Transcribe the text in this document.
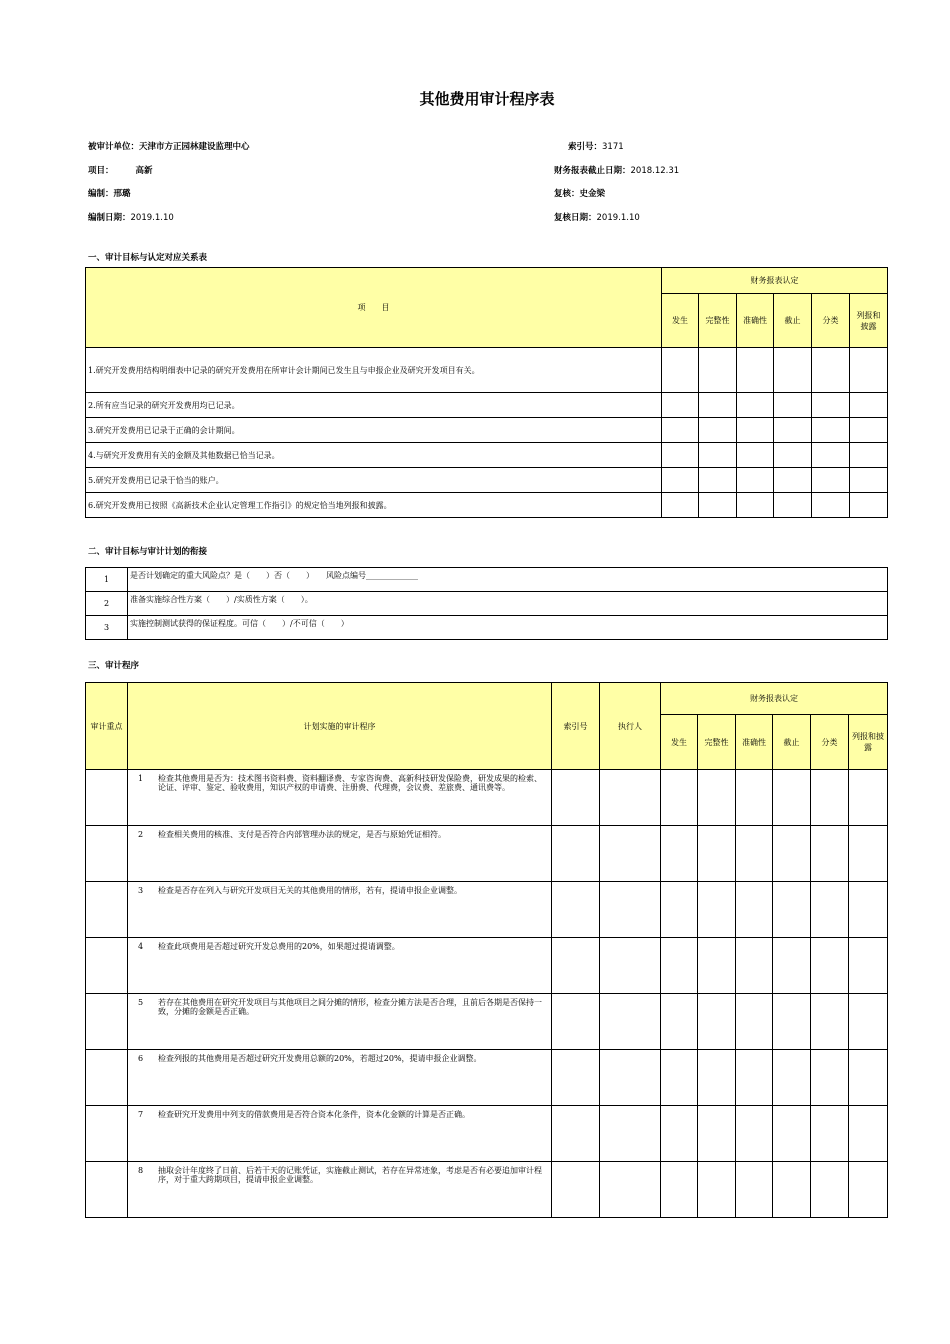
其他费用审计程序表
被审计单位：天津市方正园林建设监理中心	索引号：3171
项目：	高新	财务报表截止日期：2018.12.31
编制：邢璐	复核：史金梁
编制日期：2019.1.10	复核日期：2019.1.10
一、审计目标与认定对应关系表
项　　目	财务报表认定					
	发生	完整性	准确性	截止	分类	列报和披露
1.研究开发费用结构明细表中记录的研究开发费用在所审计会计期间已发生且与申报企业及研究开发项目有关。						
2.所有应当记录的研究开发费用均已记录。						
3.研究开发费用已记录于正确的会计期间。						
4.与研究开发费用有关的金额及其他数据已恰当记录。						
5.研究开发费用已记录于恰当的账户。						
6.研究开发费用已按照《高新技术企业认定管理工作指引》的规定恰当地列报和披露。						
二、审计目标与审计计划的衔接
1	是否计划确定的重大风险点？是（　　）否（　　）　　风险点编号_____________
2	准备实施综合性方案（　　）/实质性方案（　　）。
3	实施控制测试获得的保证程度。可信（　　）/不可信（　　）
三、审计程序
审计重点	计划实施的审计程序	索引号	执行人	财务报表认定					
				发生	完整性	准确性	截止	分类	列报和披露
	1 检查其他费用是否为：技术图书资料费、资料翻译费、专家咨询费、高新科技研发保险费，研发成果的检索、论证、评审、鉴定、验收费用，知识产权的申请费、注册费、代理费，会议费、差旅费、通讯费等。								
	2 检查相关费用的核准、支付是否符合内部管理办法的规定，是否与原始凭证相符。								
	3 检查是否存在列入与研究开发项目无关的其他费用的情形，若有，提请申报企业调整。								
	4 检查此项费用是否超过研究开发总费用的20%，如果超过提请调整。								
	5 若存在其他费用在研究开发项目与其他项目之间分摊的情形，检查分摊方法是否合理，且前后各期是否保持一致，分摊的金额是否正确。								
	6 检查列报的其他费用是否超过研究开发费用总额的20%，若超过20%，提请申报企业调整。								
	7 检查研究开发费用中列支的借款费用是否符合资本化条件，资本化金额的计算是否正确。								
	8 抽取会计年度终了日前、后若干天的记账凭证，实施截止测试，若存在异常迹象，考虑是否有必要追加审计程序，对于重大跨期项目，提请申报企业调整。								
